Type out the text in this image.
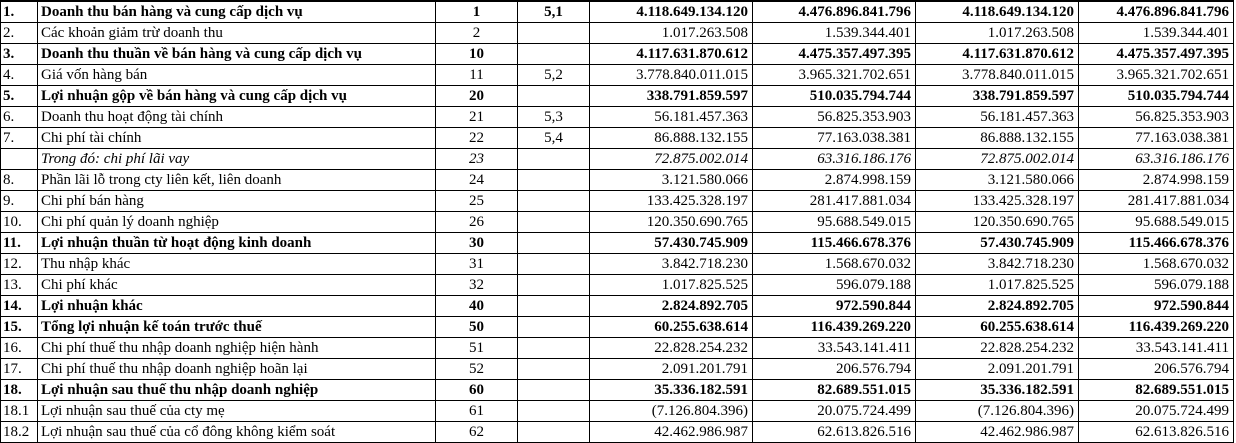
1.	Doanh thu bán hàng và cung cấp dịch vụ	1	5,1	4.118.649.134.120	4.476.896.841.796	4.118.649.134.120	4.476.896.841.796
2.	Các khoản giảm trừ doanh thu	2		1.017.263.508	1.539.344.401	1.017.263.508	1.539.344.401
3.	Doanh thu thuần về bán hàng và cung cấp dịch vụ	10		4.117.631.870.612	4.475.357.497.395	4.117.631.870.612	4.475.357.497.395
4.	Giá vốn hàng bán	11	5,2	3.778.840.011.015	3.965.321.702.651	3.778.840.011.015	3.965.321.702.651
5.	Lợi nhuận gộp về bán hàng và cung cấp dịch vụ	20		338.791.859.597	510.035.794.744	338.791.859.597	510.035.794.744
6.	Doanh thu hoạt động tài chính	21	5,3	56.181.457.363	56.825.353.903	56.181.457.363	56.825.353.903
7.	Chi phí tài chính	22	5,4	86.888.132.155	77.163.038.381	86.888.132.155	77.163.038.381
	Trong đó: chi phí lãi vay	23		72.875.002.014	63.316.186.176	72.875.002.014	63.316.186.176
8.	Phần lãi lỗ trong cty liên kết, liên doanh	24		3.121.580.066	2.874.998.159	3.121.580.066	2.874.998.159
9.	Chi phí bán hàng	25		133.425.328.197	281.417.881.034	133.425.328.197	281.417.881.034
10.	Chi phí quản lý doanh nghiệp	26		120.350.690.765	95.688.549.015	120.350.690.765	95.688.549.015
11.	Lợi nhuận thuần từ hoạt động kinh doanh	30		57.430.745.909	115.466.678.376	57.430.745.909	115.466.678.376
12.	Thu nhập khác	31		3.842.718.230	1.568.670.032	3.842.718.230	1.568.670.032
13.	Chi phí khác	32		1.017.825.525	596.079.188	1.017.825.525	596.079.188
14.	Lợi nhuận khác	40		2.824.892.705	972.590.844	2.824.892.705	972.590.844
15.	Tổng lợi nhuận kế toán trước thuế	50		60.255.638.614	116.439.269.220	60.255.638.614	116.439.269.220
16.	Chi phí thuế thu nhập doanh nghiệp hiện hành	51		22.828.254.232	33.543.141.411	22.828.254.232	33.543.141.411
17.	Chi phí thuế thu nhập doanh nghiệp hoãn lại	52		2.091.201.791	206.576.794	2.091.201.791	206.576.794
18.	Lợi nhuận sau thuế thu nhập doanh nghiệp	60		35.336.182.591	82.689.551.015	35.336.182.591	82.689.551.015
18.1	Lợi nhuận sau thuế của cty mẹ	61		(7.126.804.396)	20.075.724.499	(7.126.804.396)	20.075.724.499
18.2	Lợi nhuận sau thuế của cổ đông không kiểm soát	62		42.462.986.987	62.613.826.516	42.462.986.987	62.613.826.516
